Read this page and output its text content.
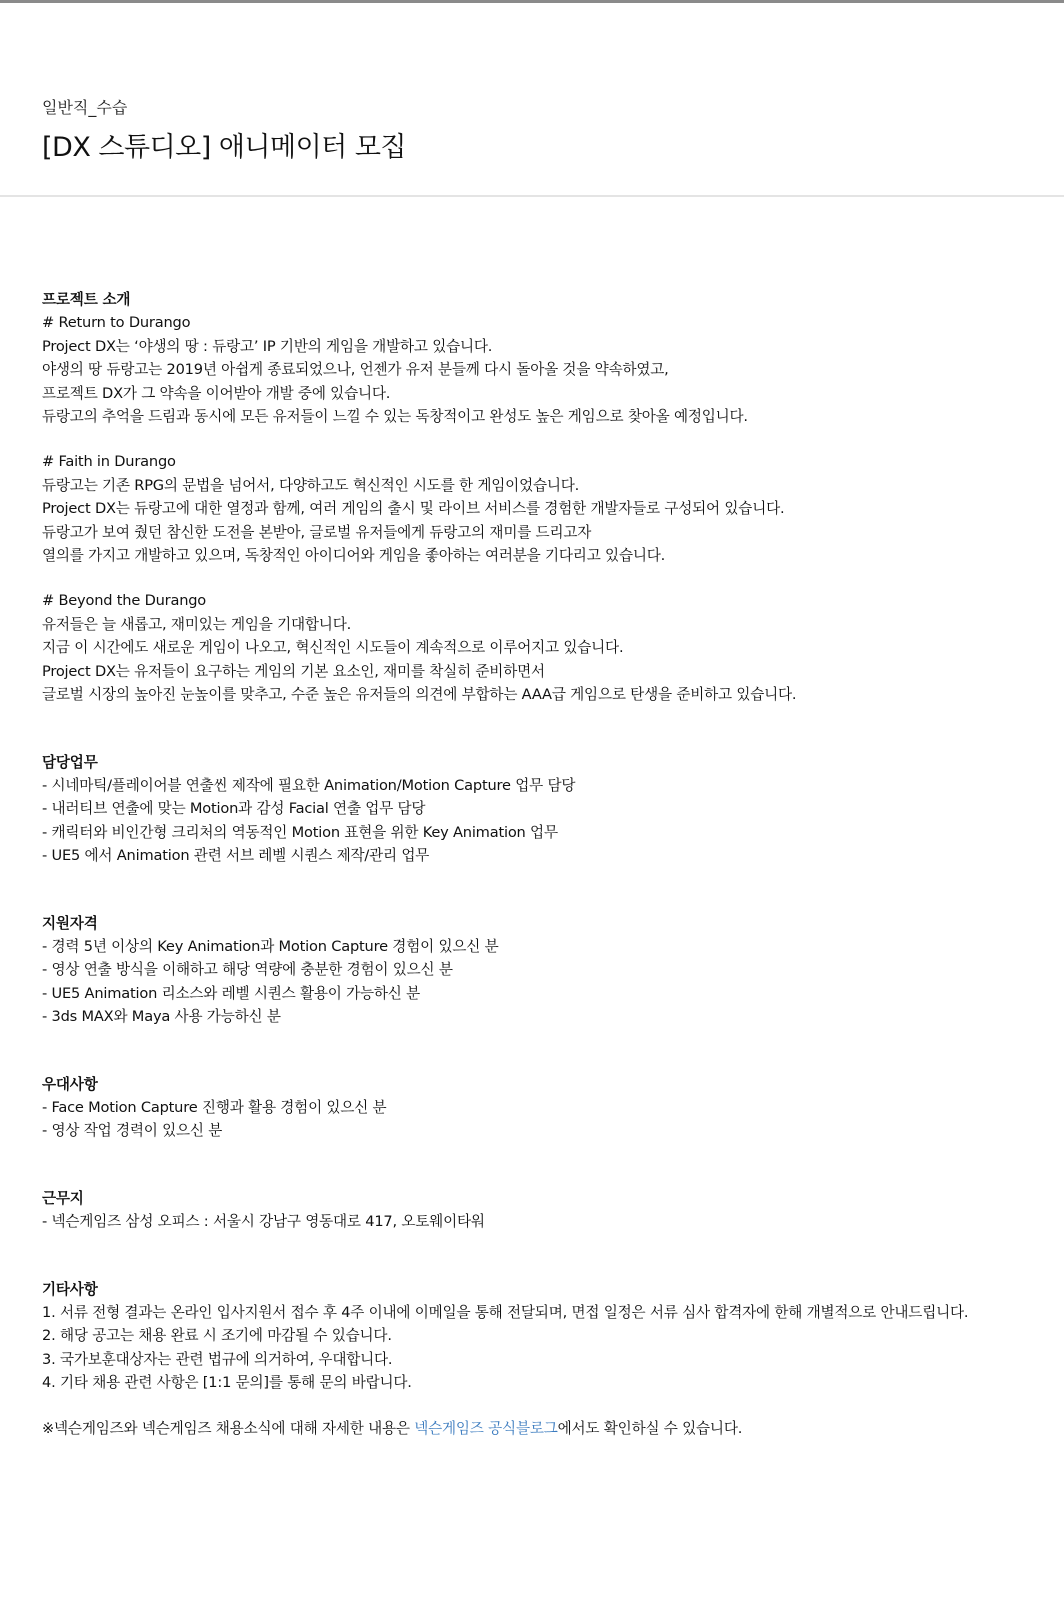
일반직_수습
[DX 스튜디오] 애니메이터 모집
프로젝트 소개
# Return to Durango
Project DX는 ‘야생의 땅 : 듀랑고’ IP 기반의 게임을 개발하고 있습니다.
야생의 땅 듀랑고는 2019년 아쉽게 종료되었으나, 언젠가 유저 분들께 다시 돌아올 것을 약속하였고,
프로젝트 DX가 그 약속을 이어받아 개발 중에 있습니다.
듀랑고의 추억을 드림과 동시에 모든 유저들이 느낄 수 있는 독창적이고 완성도 높은 게임으로 찾아올 예정입니다.
# Faith in Durango
듀랑고는 기존 RPG의 문법을 넘어서, 다양하고도 혁신적인 시도를 한 게임이었습니다.
Project DX는 듀랑고에 대한 열정과 함께, 여러 게임의 출시 및 라이브 서비스를 경험한 개발자들로 구성되어 있습니다.
듀랑고가 보여 줬던 참신한 도전을 본받아, 글로벌 유저들에게 듀랑고의 재미를 드리고자
열의를 가지고 개발하고 있으며, 독창적인 아이디어와 게임을 좋아하는 여러분을 기다리고 있습니다.
# Beyond the Durango
유저들은 늘 새롭고, 재미있는 게임을 기대합니다.
지금 이 시간에도 새로운 게임이 나오고, 혁신적인 시도들이 계속적으로 이루어지고 있습니다.
Project DX는 유저들이 요구하는 게임의 기본 요소인, 재미를 착실히 준비하면서
글로벌 시장의 높아진 눈높이를 맞추고, 수준 높은 유저들의 의견에 부합하는 AAA급 게임으로 탄생을 준비하고 있습니다.
담당업무
- 시네마틱/플레이어블 연출씬 제작에 필요한 Animation/Motion Capture 업무 담당
- 내러티브 연출에 맞는 Motion과 감성 Facial 연출 업무 담당
- 캐릭터와 비인간형 크리처의 역동적인 Motion 표현을 위한 Key Animation 업무
- UE5 에서 Animation 관련 서브 레벨 시퀀스 제작/관리 업무
지원자격
- 경력 5년 이상의 Key Animation과 Motion Capture 경험이 있으신 분
- 영상 연출 방식을 이해하고 해당 역량에 충분한 경험이 있으신 분
- UE5 Animation 리소스와 레벨 시퀀스 활용이 가능하신 분
- 3ds MAX와 Maya 사용 가능하신 분
우대사항
- Face Motion Capture 진행과 활용 경험이 있으신 분
- 영상 작업 경력이 있으신 분
근무지
- 넥슨게임즈 삼성 오피스 : 서울시 강남구 영동대로 417, 오토웨이타워
기타사항
1. 서류 전형 결과는 온라인 입사지원서 접수 후 4주 이내에 이메일을 통해 전달되며, 면접 일정은 서류 심사 합격자에 한해 개별적으로 안내드립니다.
2. 해당 공고는 채용 완료 시 조기에 마감될 수 있습니다.
3. 국가보훈대상자는 관련 법규에 의거하여, 우대합니다.
4. 기타 채용 관련 사항은 [1:1 문의]를 통해 문의 바랍니다.
※넥슨게임즈와 넥슨게임즈 채용소식에 대해 자세한 내용은 넥슨게임즈 공식블로그에서도 확인하실 수 있습니다.
